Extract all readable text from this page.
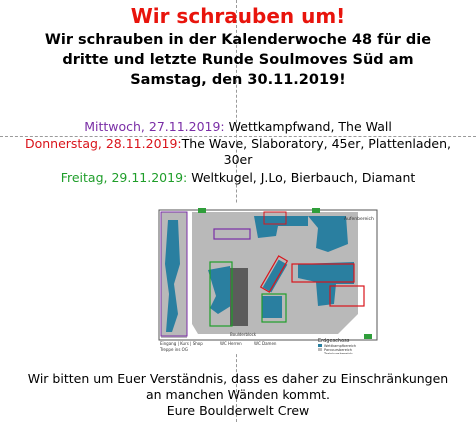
Wir schrauben um!
Wir schrauben in der Kalenderwoche 48 für die dritte und letzte Runde Soulmoves Süd am Samstag, den 30.11.2019!
Mittwoch, 27.11.2019: Wettkampfwand, The Wall
Donnerstag, 28.11.2019:The Wave, Slaboratory, 45er, Plattenladen, 30er
Freitag, 29.11.2019: Weltkugel, J.Lo, Bierbauch, Diamant
Aufenbereich
Eingang | Kurs | Shop
Treppe ins OG
WC Herren	WC Damen
Boulderblock
Erdgeschoss
Wettkampfbereich
Parcoursbereich
Trainingsbereich
Wir bitten um Euer Verständnis, dass es daher zu Einschränkungen an manchen Wänden kommt.
Eure Boulderwelt Crew
